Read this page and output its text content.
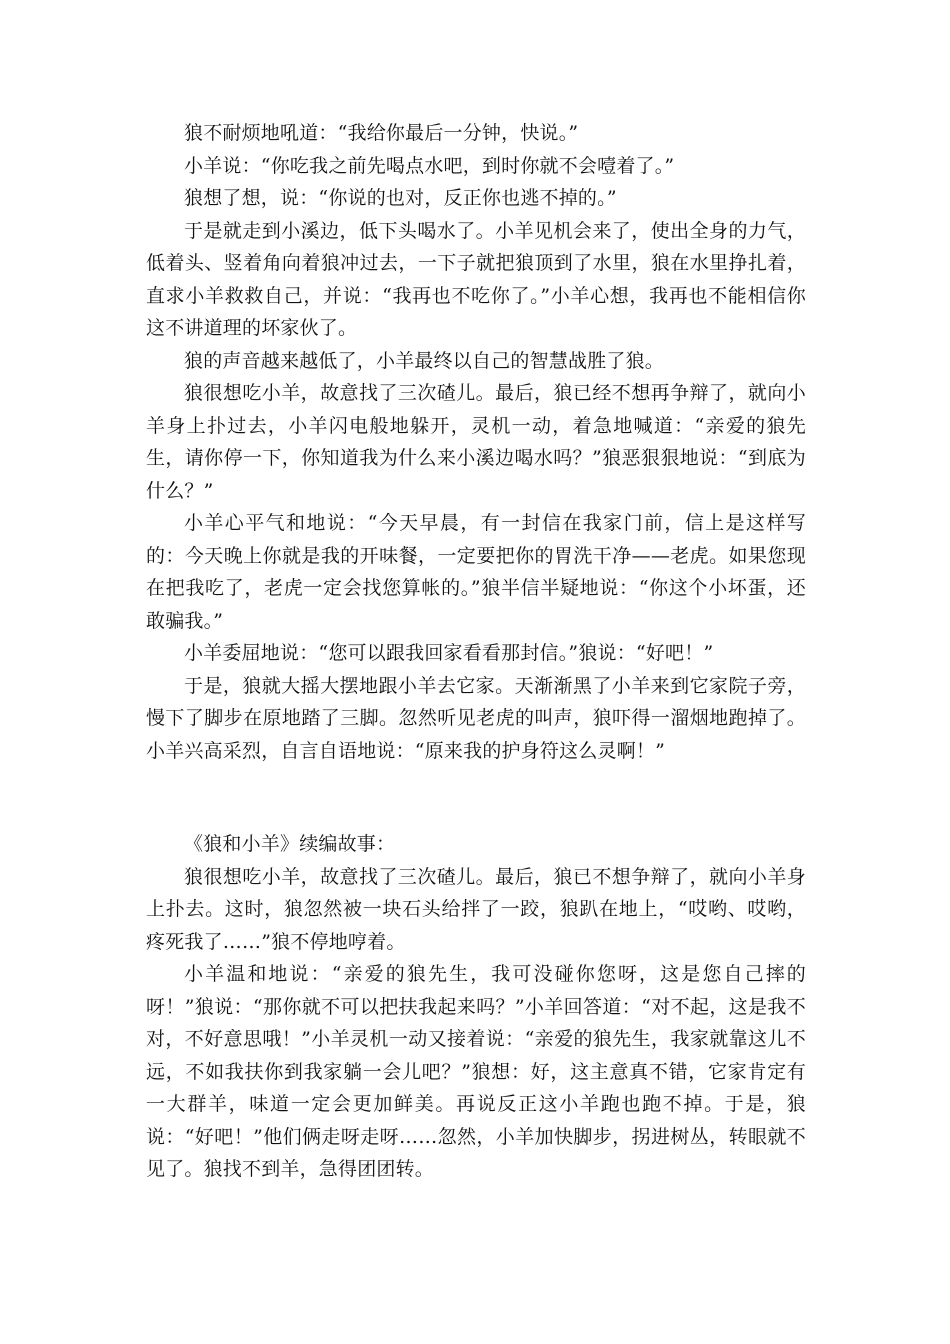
狼不耐烦地吼道：“我给你最后一分钟，快说。”

小羊说：“你吃我之前先喝点水吧，到时你就不会噎着了。”

狼想了想，说：“你说的也对，反正你也逃不掉的。”

于是就走到小溪边，低下头喝水了。小羊见机会来了，使出全身的力气，低着头、竖着角向着狼冲过去，一下子就把狼顶到了水里，狼在水里挣扎着，直求小羊救救自己，并说：“我再也不吃你了。”小羊心想，我再也不能相信你这不讲道理的坏家伙了。

狼的声音越来越低了，小羊最终以自己的智慧战胜了狼。

狼很想吃小羊，故意找了三次碴儿。最后，狼已经不想再争辩了，就向小羊身上扑过去，小羊闪电般地躲开，灵机一动，着急地喊道：“亲爱的狼先生，请你停一下，你知道我为什么来小溪边喝水吗？”狼恶狠狠地说：“到底为什么？”

小羊心平气和地说：“今天早晨，有一封信在我家门前，信上是这样写的：今天晚上你就是我的开味餐，一定要把你的胃洗干净——老虎。如果您现在把我吃了，老虎一定会找您算帐的。”狼半信半疑地说：“你这个小坏蛋，还敢骗我。”

小羊委屈地说：“您可以跟我回家看看那封信。”狼说：“好吧！”

于是，狼就大摇大摆地跟小羊去它家。天渐渐黑了小羊来到它家院子旁，慢下了脚步在原地踏了三脚。忽然听见老虎的叫声，狼吓得一溜烟地跑掉了。小羊兴高采烈，自言自语地说：“原来我的护身符这么灵啊！”

《狼和小羊》续编故事：

狼很想吃小羊，故意找了三次碴儿。最后，狼已不想争辩了，就向小羊身上扑去。这时，狼忽然被一块石头给拌了一跤，狼趴在地上，“哎哟、哎哟，疼死我了……”狼不停地哼着。

小羊温和地说：“亲爱的狼先生，我可没碰你您呀，这是您自己摔的呀！”狼说：“那你就不可以把扶我起来吗？”小羊回答道：“对不起，这是我不对，不好意思哦！”小羊灵机一动又接着说：“亲爱的狼先生，我家就靠这儿不远，不如我扶你到我家躺一会儿吧？”狼想：好，这主意真不错，它家肯定有一大群羊，味道一定会更加鲜美。再说反正这小羊跑也跑不掉。于是，狼说：“好吧！”他们俩走呀走呀……忽然，小羊加快脚步，拐进树丛，转眼就不见了。狼找不到羊，急得团团转。
